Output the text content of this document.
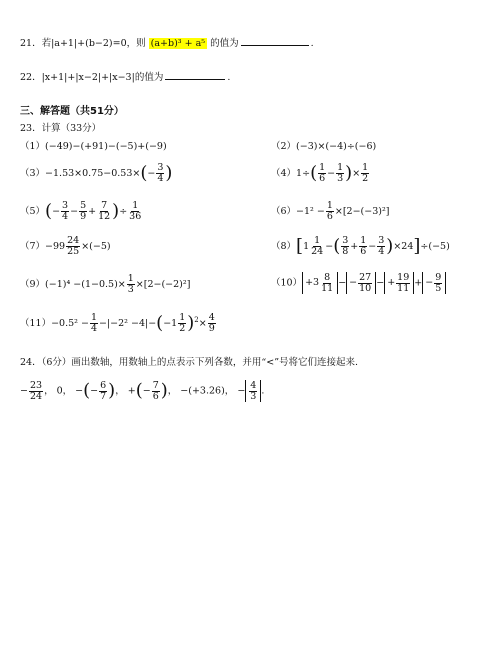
21．若|a+1|+(b−2)=0，则 (a+b)³ + a⁵ 的值为	.
22．|x+1|+|x−2|+|x−3|的值为	.
三、解答题（共51分）
23．计算（33分）
（1）(−49)−(+91)−(−5)+(−9)	（2）(−3)×(−4)÷(−6)
$(3)-1.53\times 0.75-0.53\times(- \frac{3}{4}$ )	$(4)1\div( \frac{1}{6} - \frac{1}{3}$ )× $\frac{1}{2}$
$(5)(- \frac{3}{4} - \frac{5}{9} + \frac{7}{12}$ )÷ $\frac{1}{36}$	$(6)-1^2 - \frac{1}{6} \times[2-(-3)^2]$
$(7)-99 \frac{24}{25} \times(-5)$	$(8)[1 \frac{1}{24}$ −( $\frac{3}{8} + \frac{1}{6} - \frac{3}{4} )\times 24]\div(-5)$
$(9)(-1)^4 -(1-0.5)\times \frac{1}{3} \times[2-(-2)^2]$	$(10) +3 \frac{8}{11}$ − − $\frac{27}{10}$ − + $\frac{19}{11}$ + − $\frac{9}{5}$
$(11)-0.5^2 - \frac{1}{4} -|-2^2 -4|-(-1 \frac{1}{2} )^2\times \frac{4}{9}$
24．（6分）画出数轴，用数轴上的点表示下列各数，并用“<”号将它们连接起来.
− $\frac{23}{24}$ ， 0， −(− $\frac{6}{7}$ )， +(− $\frac{7}{6}$ )， −(+3.26)， − $\frac{4}{3}$ .
